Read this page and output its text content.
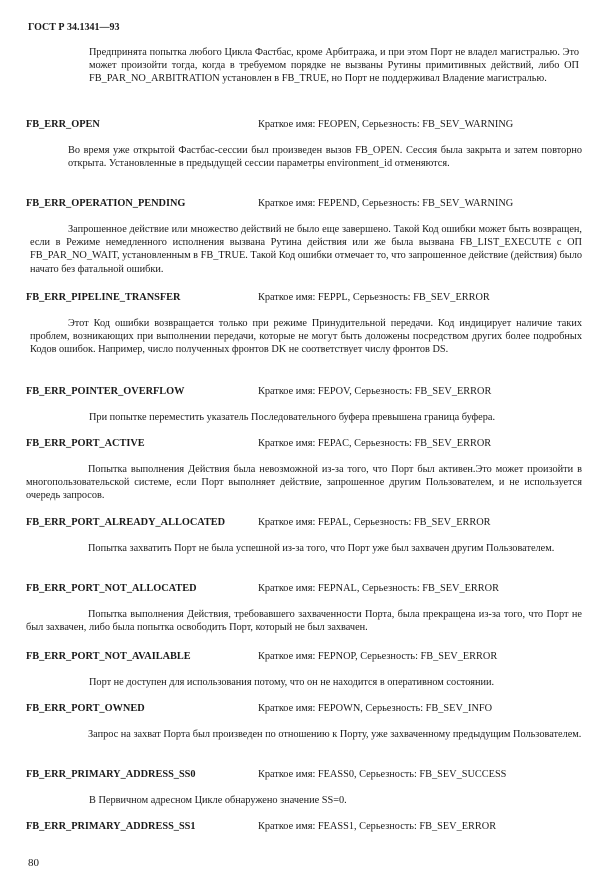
ГОСТ Р 34.1341—93
Предпринята попытка любого Цикла Фастбас, кроме Арбитража, и при этом Порт не владел магистралью. Это может произойти тогда, когда в требуемом порядке не вызваны Рутины примитивных действий, либо ОП FB_PAR_NO_ARBITRATION установлен в FB_TRUE, но Порт не поддерживал Владение магистралью.
FB_ERR_OPEN	Краткое имя: FEOPEN, Серьезность: FB_SEV_WARNING
Во время уже открытой Фастбас-сессии был произведен вызов FB_OPEN. Сессия была закрыта и затем повторно открыта. Установленные в предыдущей сессии параметры environment_id отменяются.
FB_ERR_OPERATION_PENDING	Краткое имя: FEPEND, Серьезность: FB_SEV_WARNING
Запрошенное действие или множество действий не было еще завершено. Такой Код ошибки может быть возвращен, если в Режиме немедленного исполнения вызвана Рутина действия или же была вызвана FB_LIST_EXECUTE с ОП FB_PAR_NO_WAIT, установленным в FB_TRUE. Такой Код ошибки отмечает то, что запрошенное действие (действия) было начато без фатальной ошибки.
FB_ERR_PIPELINE_TRANSFER	Краткое имя: FEPPL, Серьезность: FB_SEV_ERROR
Этот Код ошибки возвращается только при режиме Принудительной передачи. Код индицирует наличие таких проблем, возникающих при выполнении передачи, которые не могут быть доложены посредством других более подробных Кодов ошибок. Например, число полученных фронтов DK не соответствует числу фронтов DS.
FB_ERR_POINTER_OVERFLOW	Краткое имя: FEPOV, Серьезность: FB_SEV_ERROR
При попытке переместить указатель Последовательного буфера превышена граница буфера.
FB_ERR_PORT_ACTIVE	Краткое имя: FEPAC, Серьезность: FB_SEV_ERROR
Попытка выполнения Действия была невозможной из-за того, что Порт был активен.Это может произойти в многопользовательской системе, если Порт выполняет действие, запрошенное другим Пользователем, и не используется очередь запросов.
FB_ERR_PORT_ALREADY_ALLOCATED	Краткое имя: FEPAL, Серьезность: FB_SEV_ERROR
Попытка захватить Порт не была успешной из-за того, что Порт уже был захвачен другим Пользователем.
FB_ERR_PORT_NOT_ALLOCATED	Краткое имя: FEPNAL, Серьезность: FB_SEV_ERROR
Попытка выполнения Действия, требовавшего захваченности Порта, была прекращена из-за того, что Порт не был захвачен, либо была попытка освободить Порт, который не был захвачен.
FB_ERR_PORT_NOT_AVAILABLE	Краткое имя: FEPNOP, Серьезность: FB_SEV_ERROR
Порт не доступен для использования потому, что он не находится в оперативном состоянии.
FB_ERR_PORT_OWNED	Краткое имя: FEPOWN, Серьезность: FB_SEV_INFO
Запрос на захват Порта был произведен по отношению к Порту, уже захваченному предыдущим Пользователем.
FB_ERR_PRIMARY_ADDRESS_SS0	Краткое имя: FEASS0, Серьезность: FB_SEV_SUCCESS
В Первичном адресном Цикле обнаружено значение SS=0.
FB_ERR_PRIMARY_ADDRESS_SS1	Краткое имя: FEASS1, Серьезность: FB_SEV_ERROR
80
